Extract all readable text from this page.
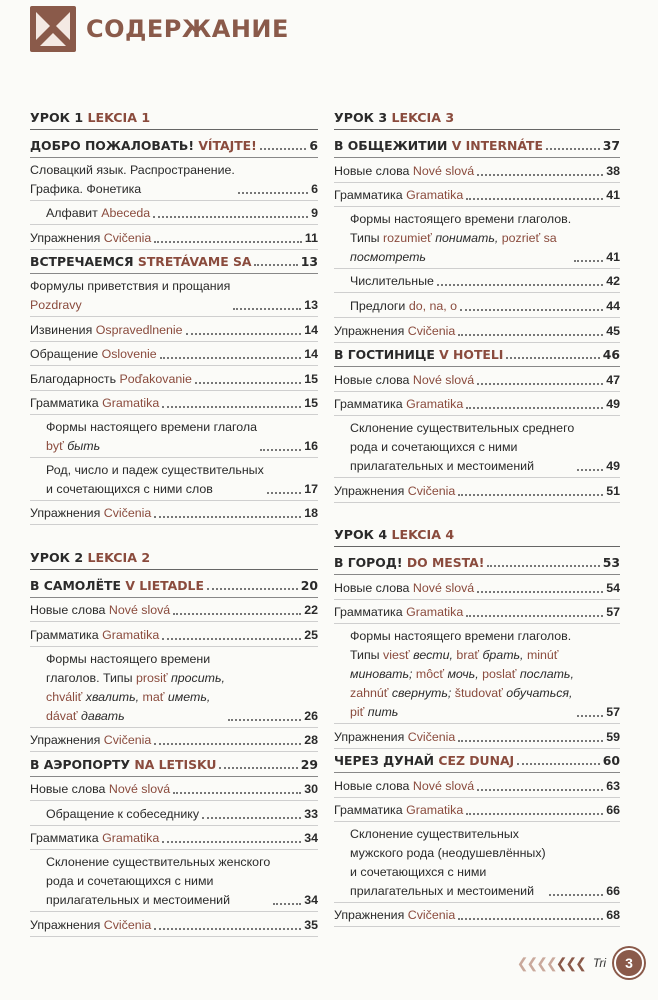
СОДЕРЖАНИЕ
УРОК 1
LEKCIA 1
ДОБРО ПОЖАЛОВАТЬ! VÍTAJTE!	6
Словацкий язык. Распространение.
Графика. Фонетика	6
Алфавит Abeceda	9
Упражнения Cvičenia	11
ВСТРЕЧАЕМСЯ STRETÁVAME SA	13
Формулы приветствия и прощания
Pozdravy	13
Извинения Ospravedlnenie	14
Обращение Oslovenie	14
Благодарность Poďakovanie	15
Грамматика Gramatika	15
Формы настоящего времени глагола
byť быть	16
Род, число и падеж существительных
и сочетающихся с ними слов	17
Упражнения Cvičenia	18
УРОК 2
LEKCIA 2
В САМОЛЁТЕ V LIETADLE	20
Новые слова Nové slová	22
Грамматика Gramatika	25
Формы настоящего времени
глаголов. Типы prosiť просить,
chváliť хвалить, mať иметь,
dávať давать	26
Упражнения Cvičenia	28
В АЭРОПОРТУ NA LETISKU	29
Новые слова Nové slová	30
Обращение к собеседнику	33
Грамматика Gramatika	34
Склонение существительных женского
рода и сочетающихся с ними
прилагательных и местоимений	34
Упражнения Cvičenia	35
УРОК 3
LEKCIA 3
В ОБЩЕЖИТИИ V INTERNÁTE	37
Новые слова Nové slová	38
Грамматика Gramatika	41
Формы настоящего времени глаголов.
Типы rozumieť понимать, pozrieť sa
посмотреть	41
Числительные	42
Предлоги do, na, o	44
Упражнения Cvičenia	45
В ГОСТИНИЦЕ V HOTELI	46
Новые слова Nové slová	47
Грамматика Gramatika	49
Склонение существительных среднего
рода и сочетающихся с ними
прилагательных и местоимений	49
Упражнения Cvičenia	51
УРОК 4
LEKCIA 4
В ГОРОД! DO MESTA!	53
Новые слова Nové slová	54
Грамматика Gramatika	57
Формы настоящего времени глаголов.
Типы viesť вести, brať брать, minúť
миновать; môcť мочь, poslať послать,
zahnúť свернуть; študovať обучаться,
piť пить	57
Упражнения Cvičenia	59
ЧЕРЕЗ ДУНАЙ CEZ DUNAJ	60
Новые слова Nové slová	63
Грамматика Gramatika	66
Склонение существительных
мужского рода (неодушевлённых)
и сочетающихся с ними
прилагательных и местоимений	66
Упражнения Cvičenia	68
❮❮❮❮❮❮❮ Tri	3
